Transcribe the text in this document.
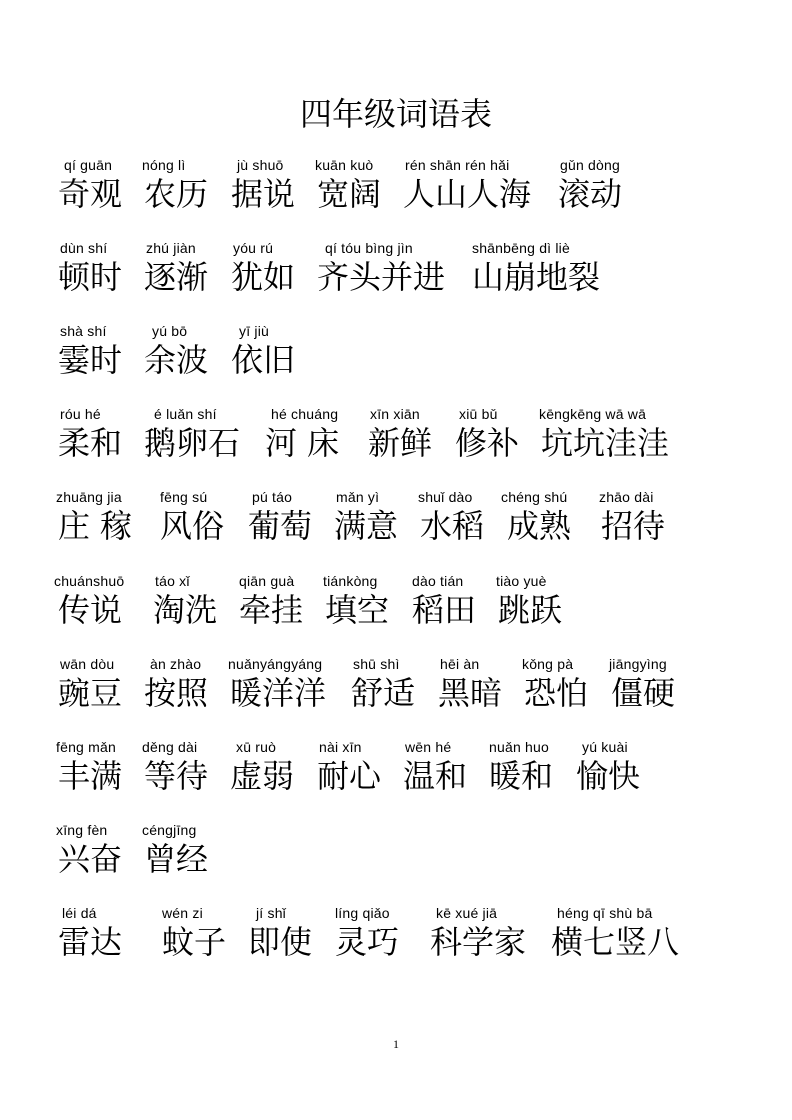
四年级词语表
qí guān
奇观
nóng lì
农历
jù shuō
据说
kuān kuò
宽阔
rén shān rén hǎi
人山人海
gǔn dòng
滚动
dùn shí
顿时
zhú jiàn
逐渐
yóu rú
犹如
qí tóu bìng jìn
齐头并进
shānbēng dì liè
山崩地裂
shà shí
霎时
yú bō
余波
yī jiù
依旧
róu hé
柔和
é luǎn shí
鹅卵石
hé chuáng
河 床
xīn xiān
新鲜
xiū bǔ
修补
kēngkēng wā wā
坑坑洼洼
zhuāng jia
庄 稼
fēng sú
风俗
pú táo
葡萄
mǎn yì
满意
shuǐ dào
水稻
chéng shú
成熟
zhāo dài
招待
chuánshuō
传说
táo xǐ
淘洗
qiān guà
牵挂
tiánkòng
填空
dào tián
稻田
tiào yuè
跳跃
wān dòu
豌豆
àn zhào
按照
nuǎnyángyáng
暖洋洋
shū shì
舒适
hēi àn
黑暗
kǒng pà
恐怕
jiāngyìng
僵硬
fēng mǎn
丰满
děng dài
等待
xū ruò
虚弱
nài xīn
耐心
wēn hé
温和
nuǎn huo
暖和
yú kuài
愉快
xīng fèn
兴奋
céngjīng
曾经
léi dá
雷达
wén zi
蚊子
jí shǐ
即使
líng qiǎo
灵巧
kē xué jiā
科学家
héng qī shù bā
横七竖八
1
